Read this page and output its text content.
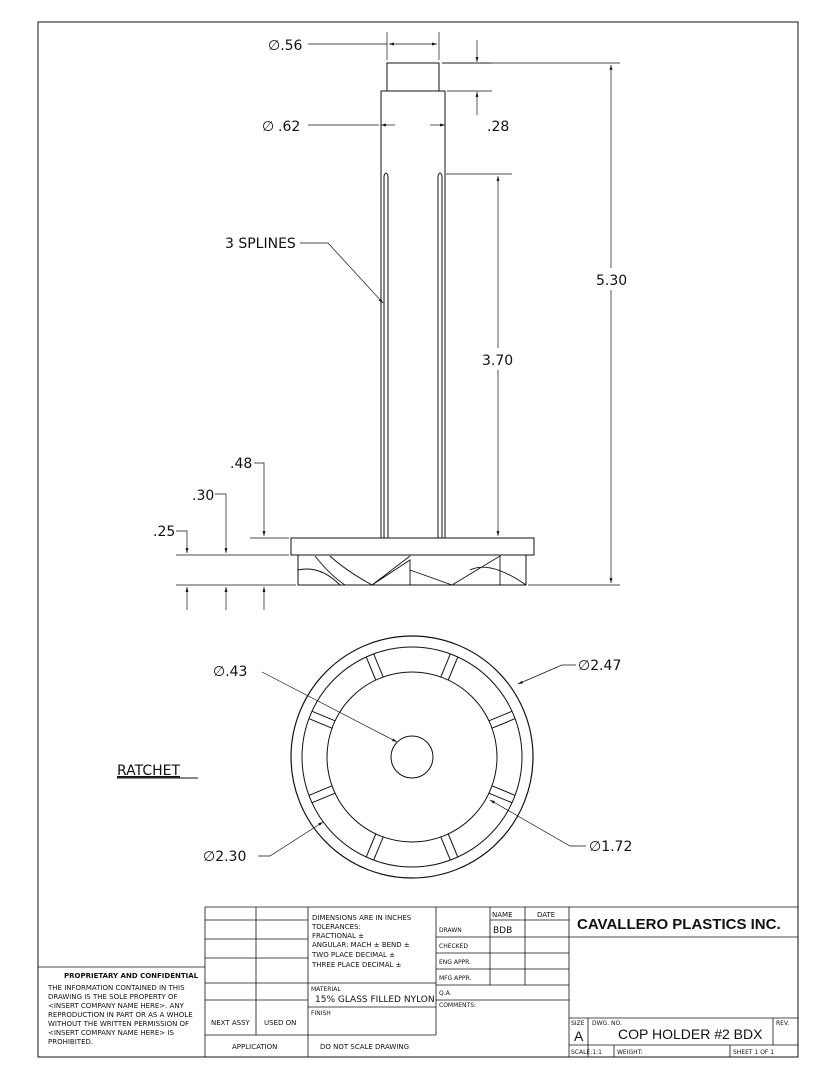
∅.56
∅ .62	.28
5.30
3.70
3 SPLINES
.48
.30
.25
∅.43	∅2.47
∅2.30
∅1.72
RATCHET
CAVALLERO PLASTICS INC.
NAME	DATE
DRAWN	BDB
CHECKED
ENG APPR.
MFG APPR.
Q.A.
COMMENTS:
DIMENSIONS ARE IN INCHES
TOLERANCES:
FRACTIONAL ±
ANGULAR: MACH ± BEND ±
TWO PLACE DECIMAL ±
THREE PLACE DECIMAL ±
MATERIAL
15% GLASS FILLED NYLON
FINISH
NEXT ASSY USED ON
APPLICATION	DO NOT SCALE DRAWING
SIZE
A
DWG. NO.
COP HOLDER #2 BDX
REV.
SCALE:1:1	WEIGHT:	SHEET 1 OF 1
PROPRIETARY AND CONFIDENTIAL
THE INFORMATION CONTAINED IN THIS
DRAWING IS THE SOLE PROPERTY OF
<INSERT COMPANY NAME HERE>. ANY
REPRODUCTION IN PART OR AS A WHOLE
WITHOUT THE WRITTEN PERMISSION OF
<INSERT COMPANY NAME HERE> IS
PROHIBITED.
